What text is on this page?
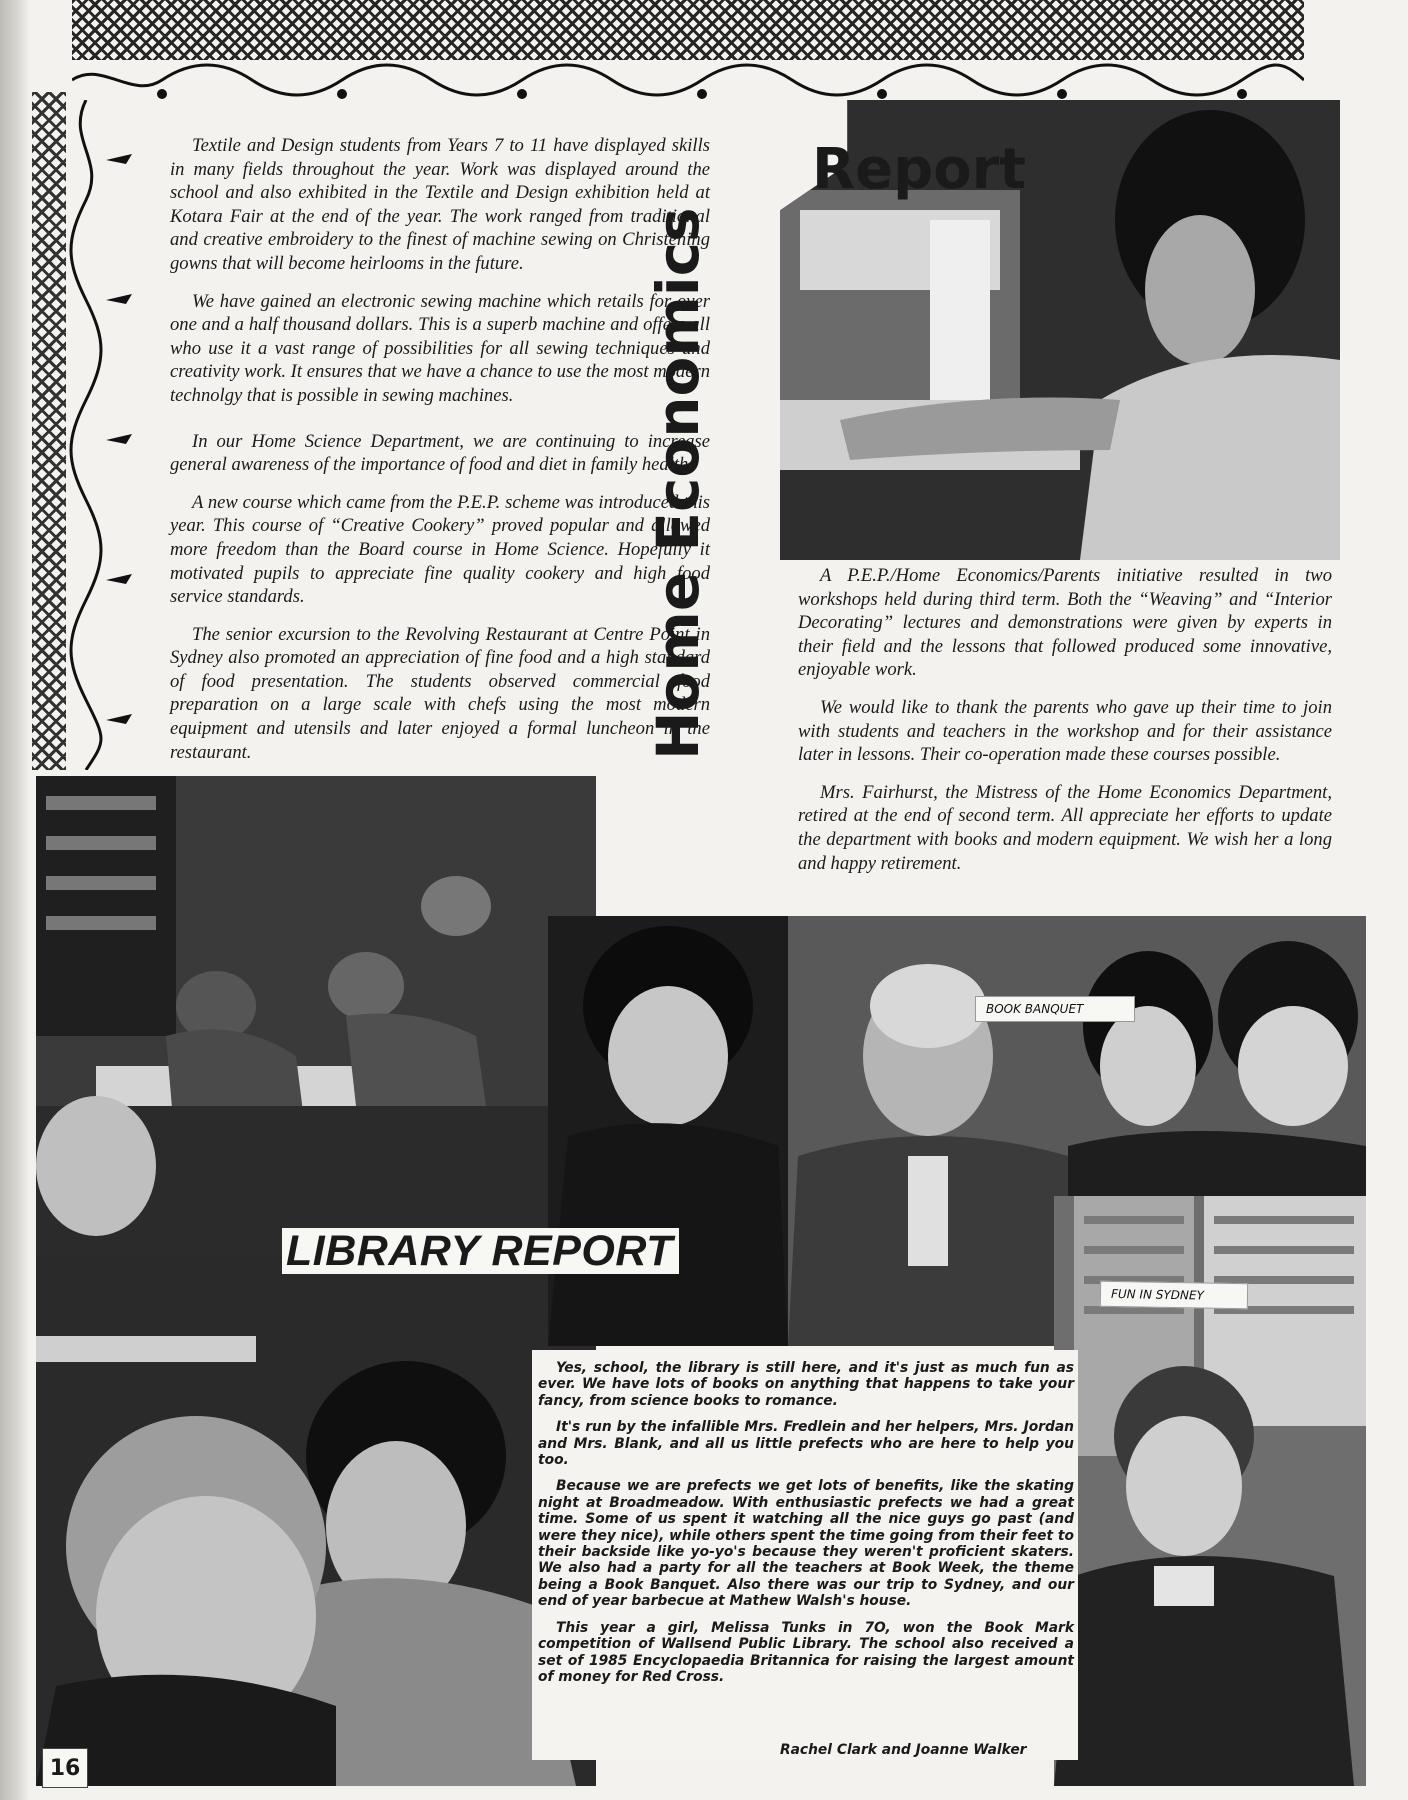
Textile and Design students from Years 7 to 11 have displayed skills in many fields throughout the year. Work was displayed around the school and also exhibited in the Textile and Design exhibition held at Kotara Fair at the end of the year. The work ranged from traditional and creative embroidery to the finest of machine sewing on Christening gowns that will become heirlooms in the future.

We have gained an electronic sewing machine which retails for over one and a half thousand dollars. This is a superb machine and offers all who use it a vast range of possibilities for all sewing techniques and creativity work. It ensures that we have a chance to use the most modern technolgy that is possible in sewing machines.

In our Home Science Department, we are continuing to increase general awareness of the importance of food and diet in family health.

A new course which came from the P.E.P. scheme was introduced this year. This course of “Creative Cookery” proved popular and allowed more freedom than the Board course in Home Science. Hopefully it motivated pupils to appreciate fine quality cookery and high food service standards.

The senior excursion to the Revolving Restaurant at Centre Point in Sydney also promoted an appreciation of fine food and a high standard of food presentation. The students observed commercial food preparation on a large scale with chefs using the most modern equipment and utensils and later enjoyed a formal luncheon in the restaurant.	Home Economics
Report

A P.E.P./Home Economics/Parents initiative resulted in two workshops held during third term. Both the “Weaving” and “Interior Decorating” lectures and demonstrations were given by experts in their field and the lessons that followed produced some innovative, enjoyable work.

We would like to thank the parents who gave up their time to join with students and teachers in the workshop and for their assistance later in lessons. Their co-operation made these courses possible.

Mrs. Fairhurst, the Mistress of the Home Economics Department, retired at the end of second term. All appreciate her efforts to update the department with books and modern equipment. We wish her a long and happy retirement.

BOOK BANQUET
FUN IN SYDNEY
LIBRARY REPORT

Yes, school, the library is still here, and it's just as much fun as ever. We have lots of books on anything that happens to take your fancy, from science books to romance.

It's run by the infallible Mrs. Fredlein and her helpers, Mrs. Jordan and Mrs. Blank, and all us little prefects who are here to help you too.

Because we are prefects we get lots of benefits, like the skating night at Broadmeadow. With enthusiastic prefects we had a great time. Some of us spent it watching all the nice guys go past (and were they nice), while others spent the time going from their feet to their backside like yo-yo's because they weren't proficient skaters. We also had a party for all the teachers at Book Week, the theme being a Book Banquet. Also there was our trip to Sydney, and our end of year barbecue at Mathew Walsh's house.

This year a girl, Melissa Tunks in 7O, won the Book Mark competition of Wallsend Public Library. The school also received a set of 1985 Encyclopaedia Britannica for raising the largest amount of money for Red Cross.

Rachel Clark and Joanne Walker
16
